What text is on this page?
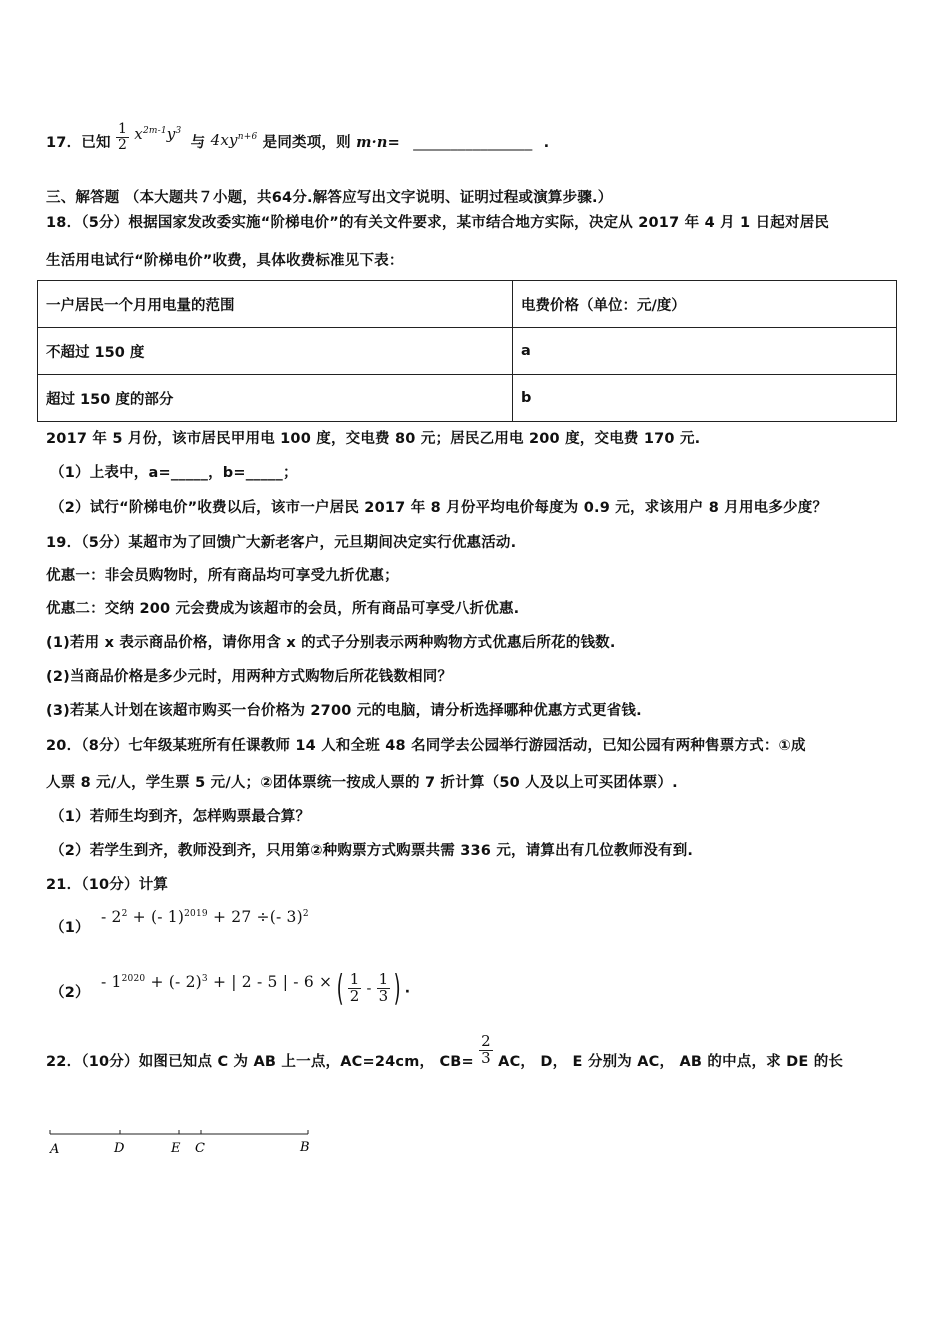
17．已知 $\frac{1}{2} x^{2m-1}y^3$ 与 $4xy^{n+6}$ 是同类项，则 m·n= ________________ .
三、解答题 （本大题共７小题，共64分.解答应写出文字说明、证明过程或演算步骤.）
18．（5分）根据国家发改委实施“阶梯电价”的有关文件要求，某市结合地方实际，决定从 2017 年 4 月 1 日起对居民
生活用电试行“阶梯电价”收费，具体收费标准见下表：
一户居民一个月用电量的范围	电费价格（单位：元/度）
不超过 150 度	a
超过 150 度的部分	b
2017 年 5 月份，该市居民甲用电 100 度，交电费 80 元；居民乙用电 200 度，交电费 170 元.
（1）上表中，a=_____，b=_____；
（2）试行“阶梯电价”收费以后，该市一户居民 2017 年 8 月份平均电价每度为 0.9 元，求该用户 8 月用电多少度？
19．（5分）某超市为了回馈广大新老客户，元旦期间决定实行优惠活动.
优惠一：非会员购物时，所有商品均可享受九折优惠；
优惠二：交纳 200 元会费成为该超市的会员，所有商品可享受八折优惠.
(1)若用 x 表示商品价格，请你用含 x 的式子分别表示两种购物方式优惠后所花的钱数.
(2)当商品价格是多少元时，用两种方式购物后所花钱数相同？
(3)若某人计划在该超市购买一台价格为 2700 元的电脑，请分析选择哪种优惠方式更省钱.
20．（8分）七年级某班所有任课教师 14 人和全班 48 名同学去公园举行游园活动，已知公园有两种售票方式：①成
人票 8 元/人，学生票 5 元/人；②团体票统一按成人票的 7 折计算（50 人及以上可买团体票）.
（1）若师生均到齐，怎样购票最合算？
（2）若学生到齐，教师没到齐，只用第②种购票方式购票共需 336 元，请算出有几位教师没有到.
21．（10分）计算
$(1) - 2^2$ + (- 1)$^{2019}$ + 27 ÷(- 3)$^2$
$(2) - 1^{2020}$ + (- 2)$^3$ + | 2 - 5 | - 6 × ( $\frac{1}{2} - \frac{1}{3}$ ) .
22．（10分）如图已知点 C 为 AB 上一点，AC=24cm， $CB= \frac{2}{3}$ AC， D， E 分别为 AC， AB 的中点，求 DE 的长
A	D	E C	B
